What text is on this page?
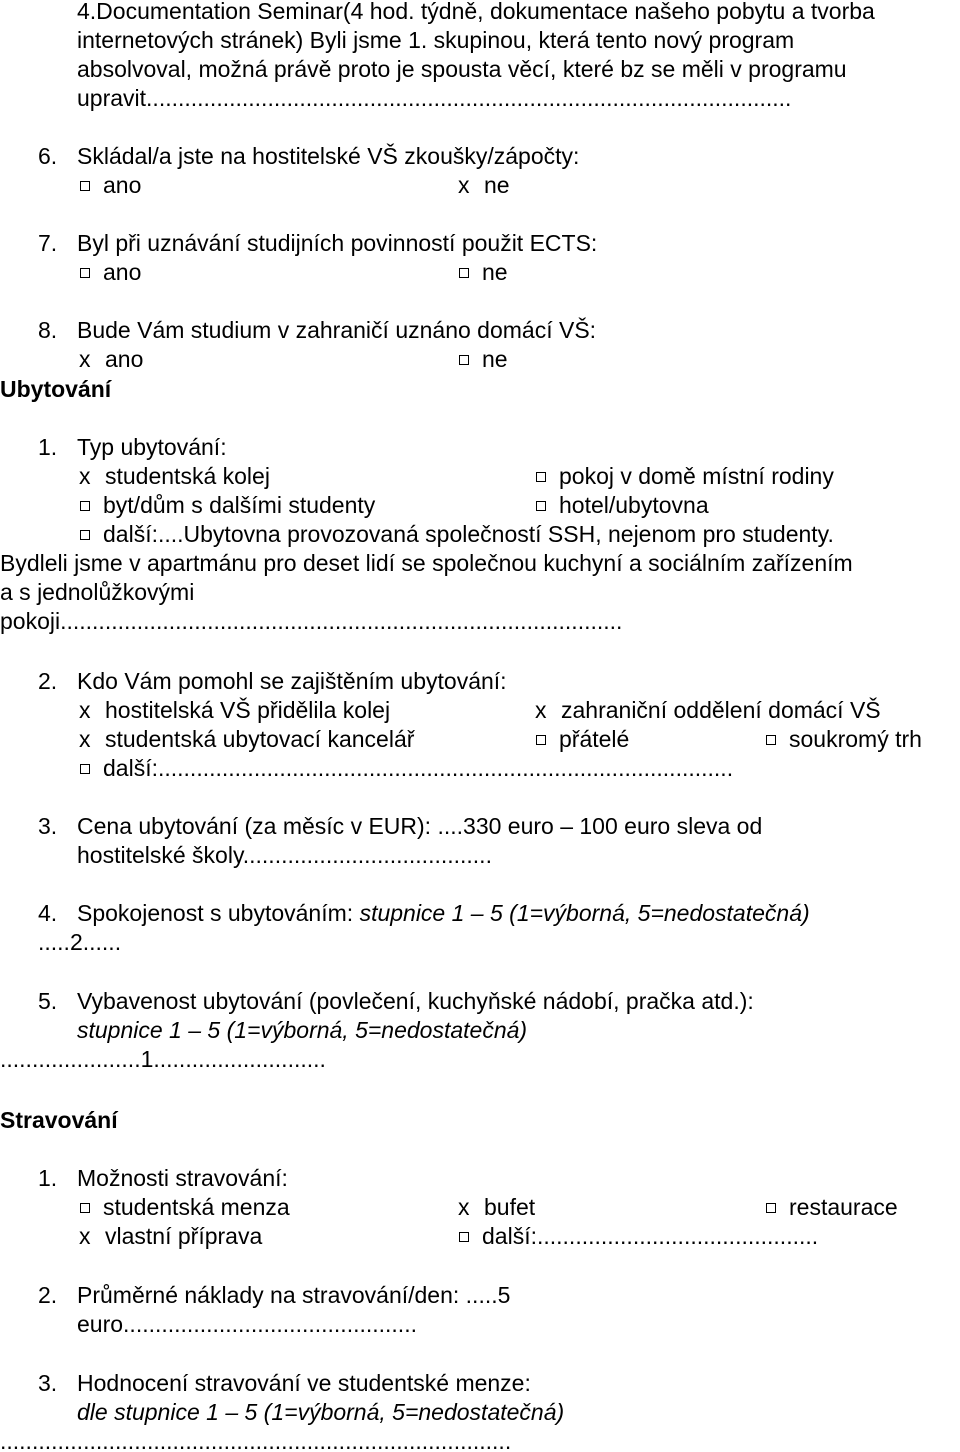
4.Documentation Seminar(4 hod. týdně, dokumentace našeho pobytu a tvorba
internetových stránek) Byli jsme 1. skupinou, která tento nový program
absolvoval, možná právě proto je spousta věcí, které bz se měli v programu
upravit.....................................................................................................
6. Skládal/a jste na hostitelské VŠ zkoušky/zápočty:
ano	x ne
7. Byl při uznávání studijních povinností použit ECTS:
ano	ne
8. Bude Vám studium v zahraničí uznáno domácí VŠ:
x ano	ne
Ubytování
1. Typ ubytování:
x studentská kolej	pokoj v domě místní rodiny
byt/dům s dalšími studenty	hotel/ubytovna
další:....Ubytovna provozovaná společností SSH, nejenom pro studenty.
Bydleli jsme v apartmánu pro deset lidí se společnou kuchyní a sociálním zařízením
a s jednolůžkovými
pokoji........................................................................................
2. Kdo Vám pomohl se zajištěním ubytování:
x hostitelská VŠ přidělila kolej	x zahraniční oddělení domácí VŠ
x studentská ubytovací kancelář	přátelé	soukromý trh
další:..........................................................................................
3. Cena ubytování (za měsíc v EUR): ....330 euro – 100 euro sleva od
hostitelské školy.......................................
4. Spokojenost s ubytováním: stupnice 1 – 5 (1=výborná, 5=nedostatečná)
.....2......
5. Vybavenost ubytování (povlečení, kuchyňské nádobí, pračka atd.):
stupnice 1 – 5 (1=výborná, 5=nedostatečná)
......................1...........................
Stravování
1. Možnosti stravování:
studentská menza	x bufet	restaurace
x vlastní příprava	další:............................................
2. Průměrné náklady na stravování/den: .....5
euro..............................................
3. Hodnocení stravování ve studentské menze:
dle stupnice 1 – 5 (1=výborná, 5=nedostatečná)
................................................................................
